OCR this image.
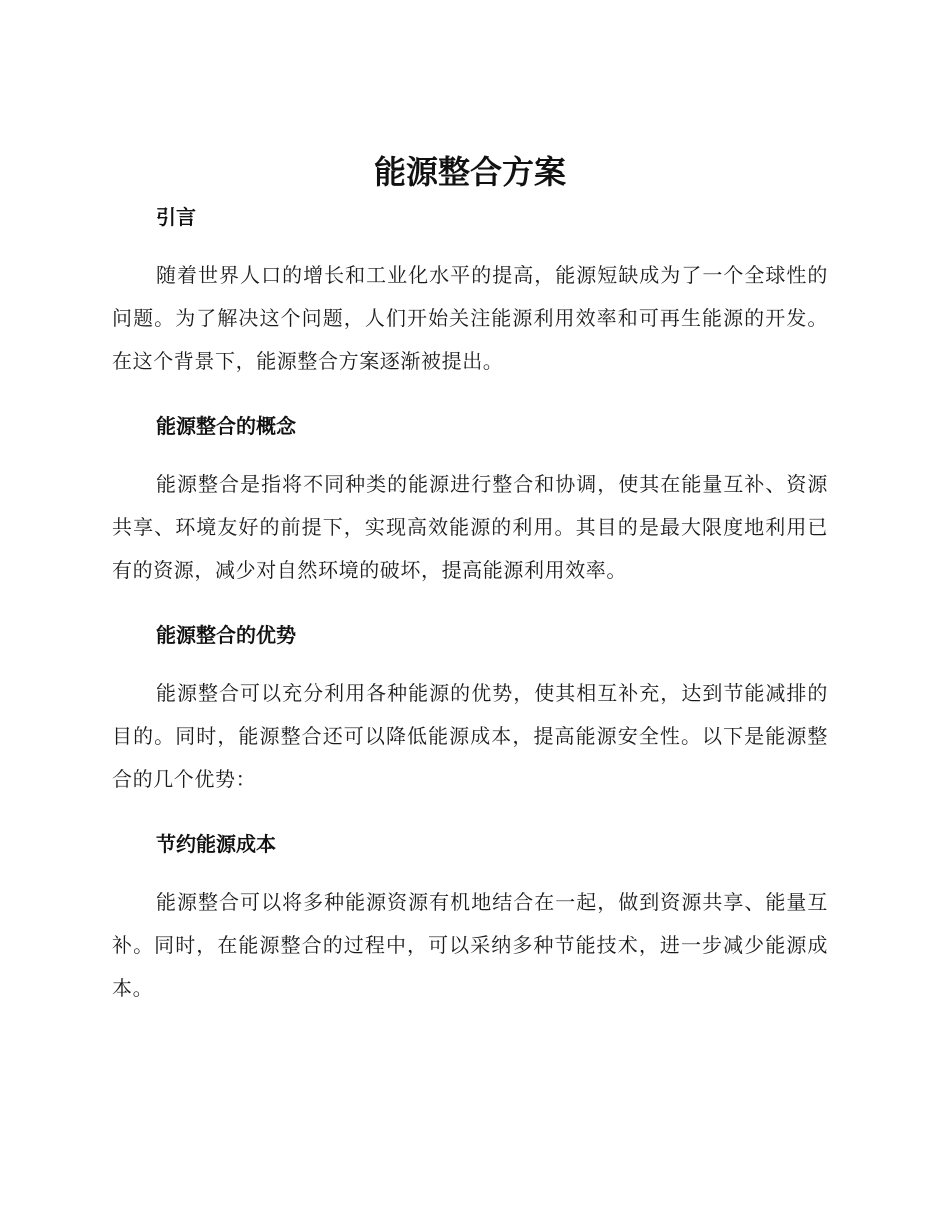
能源整合方案
引言

随着世界人口的增长和工业化水平的提高，能源短缺成为了一个全球性的问题。为了解决这个问题，人们开始关注能源利用效率和可再生能源的开发。在这个背景下，能源整合方案逐渐被提出。

能源整合的概念

能源整合是指将不同种类的能源进行整合和协调，使其在能量互补、资源共享、环境友好的前提下，实现高效能源的利用。其目的是最大限度地利用已有的资源，减少对自然环境的破坏，提高能源利用效率。

能源整合的优势

能源整合可以充分利用各种能源的优势，使其相互补充，达到节能减排的目的。同时，能源整合还可以降低能源成本，提高能源安全性。以下是能源整合的几个优势：

节约能源成本

能源整合可以将多种能源资源有机地结合在一起，做到资源共享、能量互补。同时，在能源整合的过程中，可以采纳多种节能技术，进一步减少能源成本。
